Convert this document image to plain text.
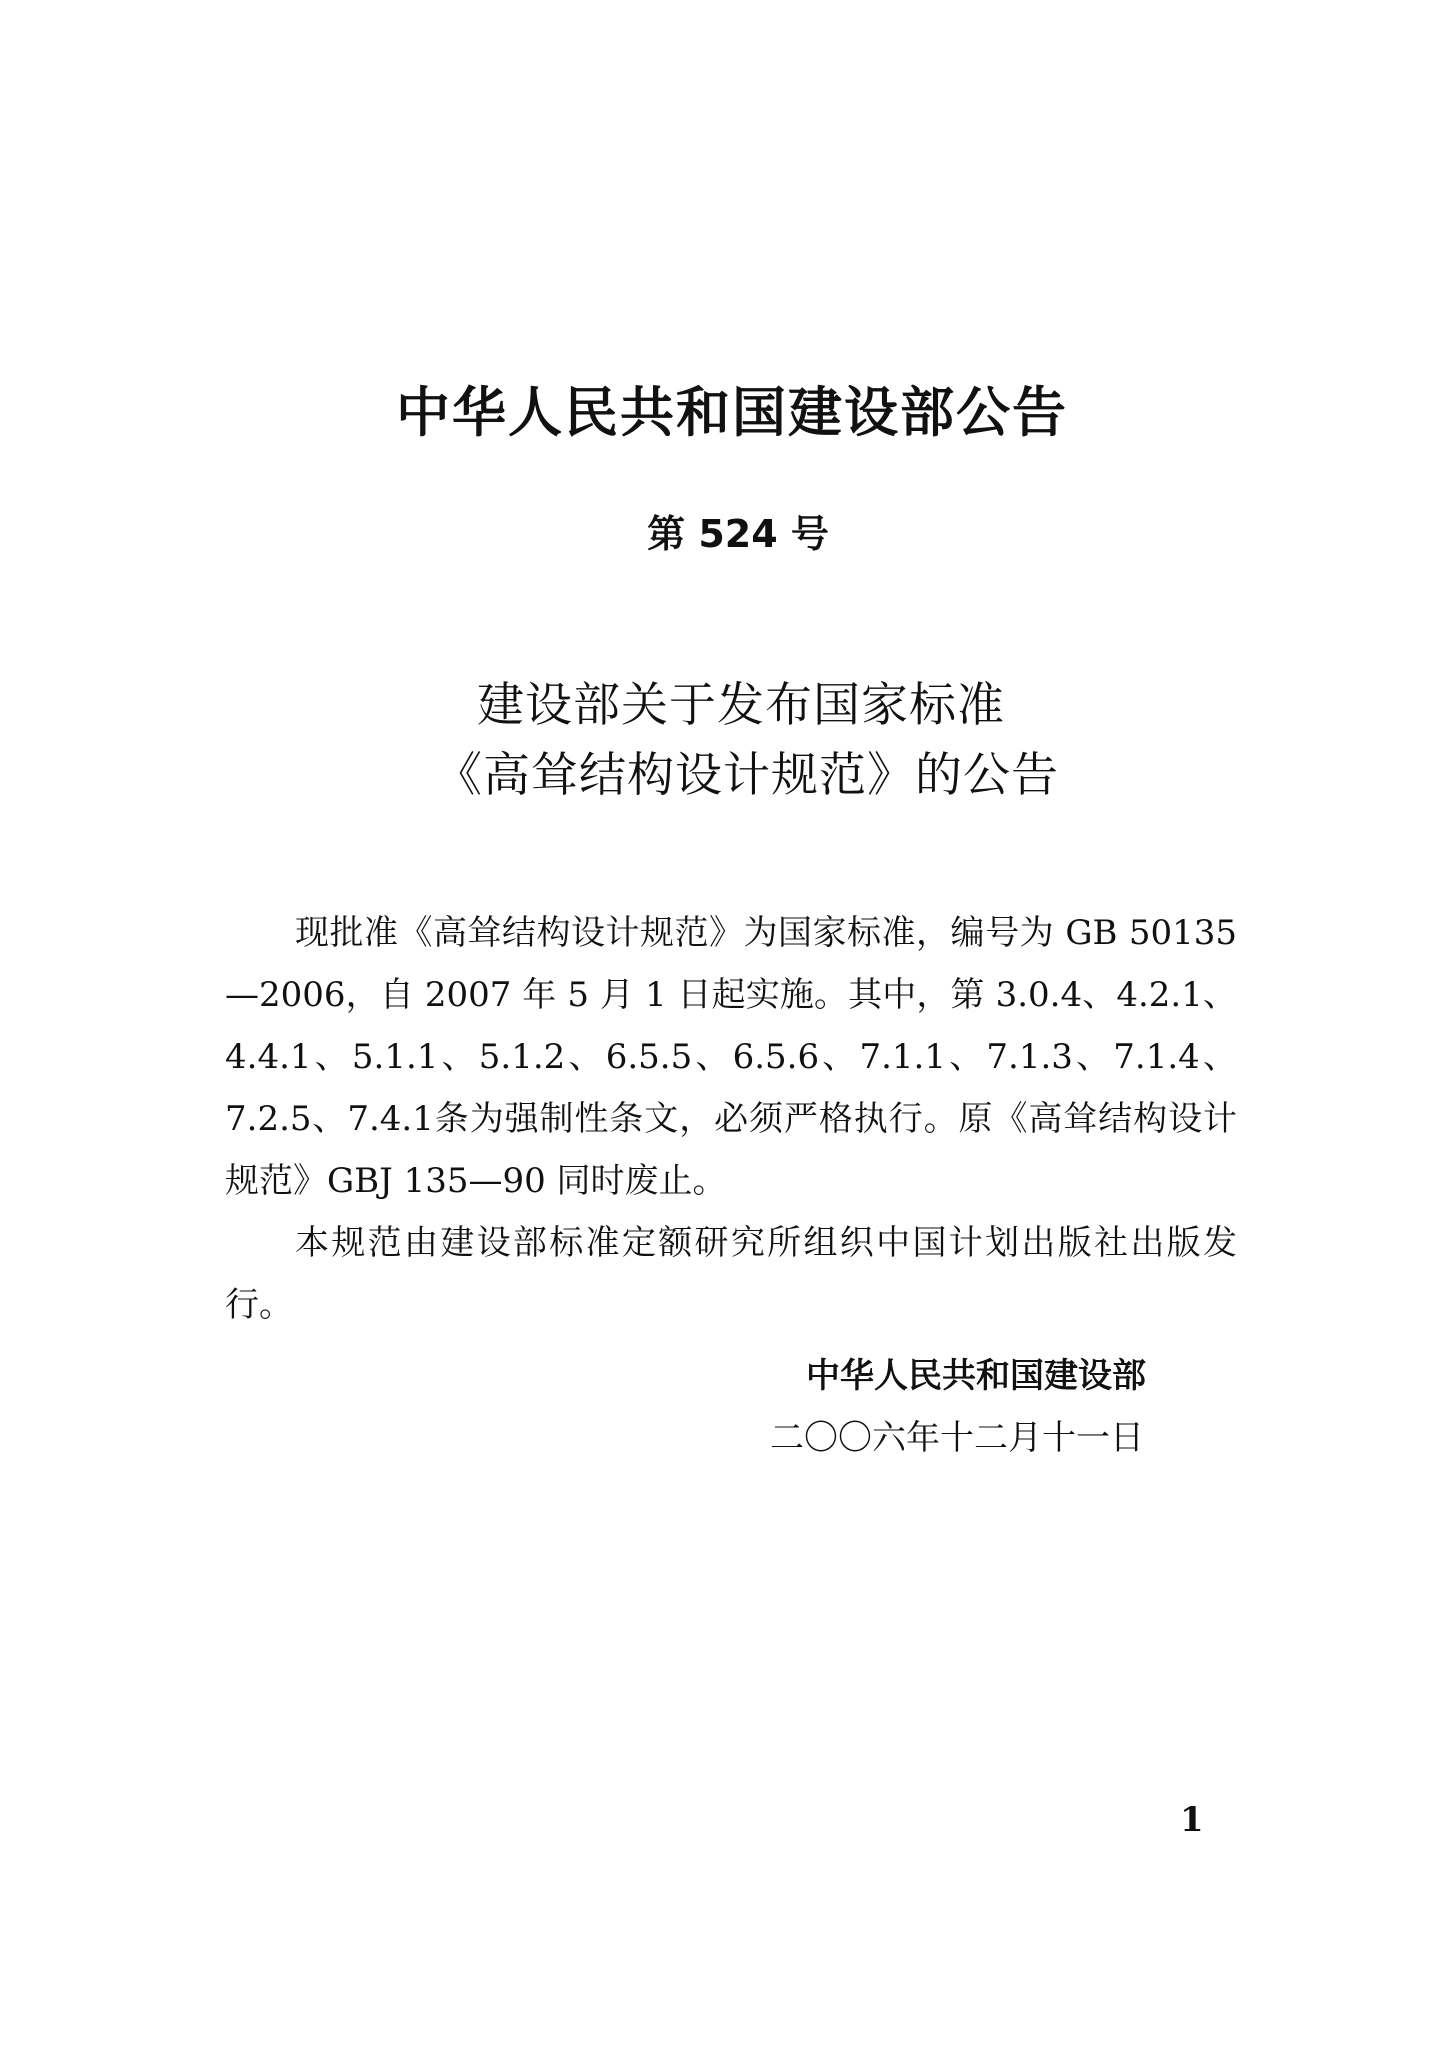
中华人民共和国建设部公告
第 524 号
建设部关于发布国家标准
《高耸结构设计规范》的公告

现批准《高耸结构设计规范》为国家标准，编号为 GB 50135—2006，自 2007 年 5 月 1 日起实施。其中，第 3.0.4、4.2.1、4.4.1、5.1.1、5.1.2、6.5.5、6.5.6、7.1.1、7.1.3、7.1.4、7.2.5、7.4.1条为强制性条文，必须严格执行。原《高耸结构设计规范》GBJ 135—90 同时废止。

本规范由建设部标准定额研究所组织中国计划出版社出版发行。

中华人民共和国建设部
二〇〇六年十二月十一日
1
